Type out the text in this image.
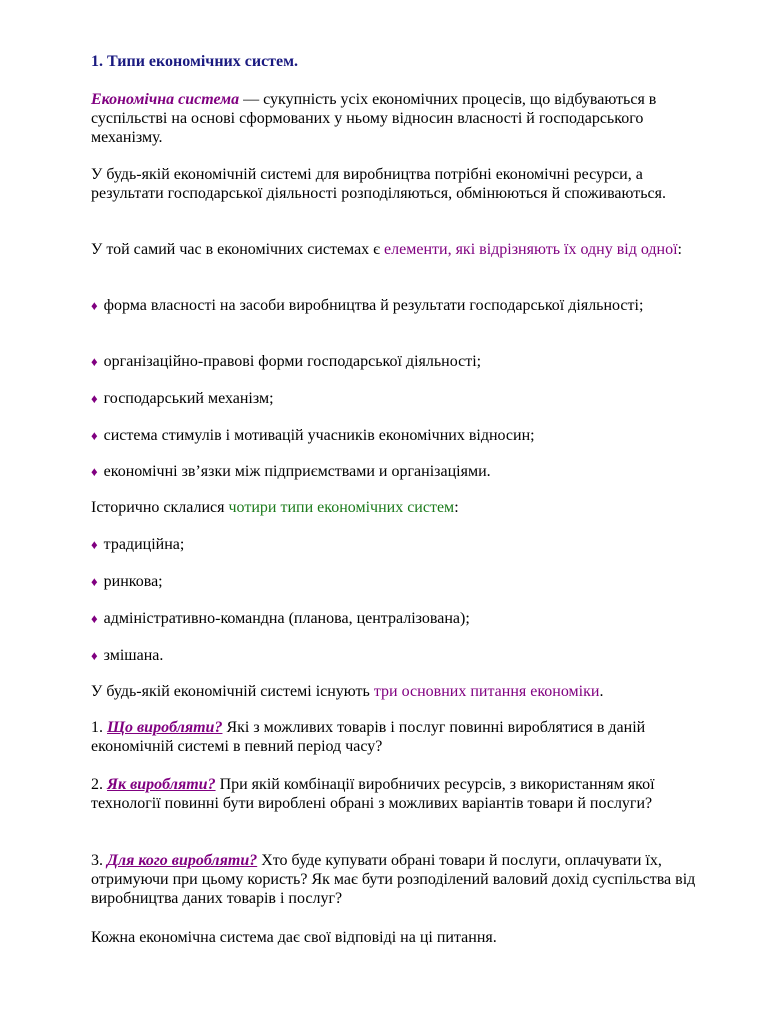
1. Типи економічних систем.

Економічна система — сукупність усіх економічних процесів, що відбуваються в суспільстві на основі сформованих у ньому відносин власності й господарського механізму.

У будь-якій економічній системі для виробництва потрібні економічні ресурси, а результати господарської діяльності розподіляються, обмінюються й споживаються.

У той самий час в економічних системах є елементи, які відрізняють їх одну від одної:

♦ форма власності на засоби виробництва й результати господарської діяльності;

♦ організаційно-правові форми господарської діяльності;

♦ господарський механізм;

♦ система стимулів і мотивацій учасників економічних відносин;

♦ економічні зв’язки між підприємствами и організаціями.

Історично склалися чотири типи економічних систем:

♦ традиційна;

♦ ринкова;

♦ адміністративно-командна (планова, централізована);

♦ змішана.

У будь-якій економічній системі існують три основних питання економіки.

1. Що виробляти? Які з можливих товарів і послуг повинні вироблятися в даній економічній системі в певний період часу?

2. Як виробляти? При якій комбінації виробничих ресурсів, з використанням якої технології повинні бути вироблені обрані з можливих варіантів товари й послуги?

3. Для кого виробляти? Хто буде купувати обрані товари й послуги, оплачувати їх, отримуючи при цьому користь? Як має бути розподілений валовий дохід суспільства від виробництва даних товарів і послуг?

Кожна економічна система дає свої відповіді на ці питання.
